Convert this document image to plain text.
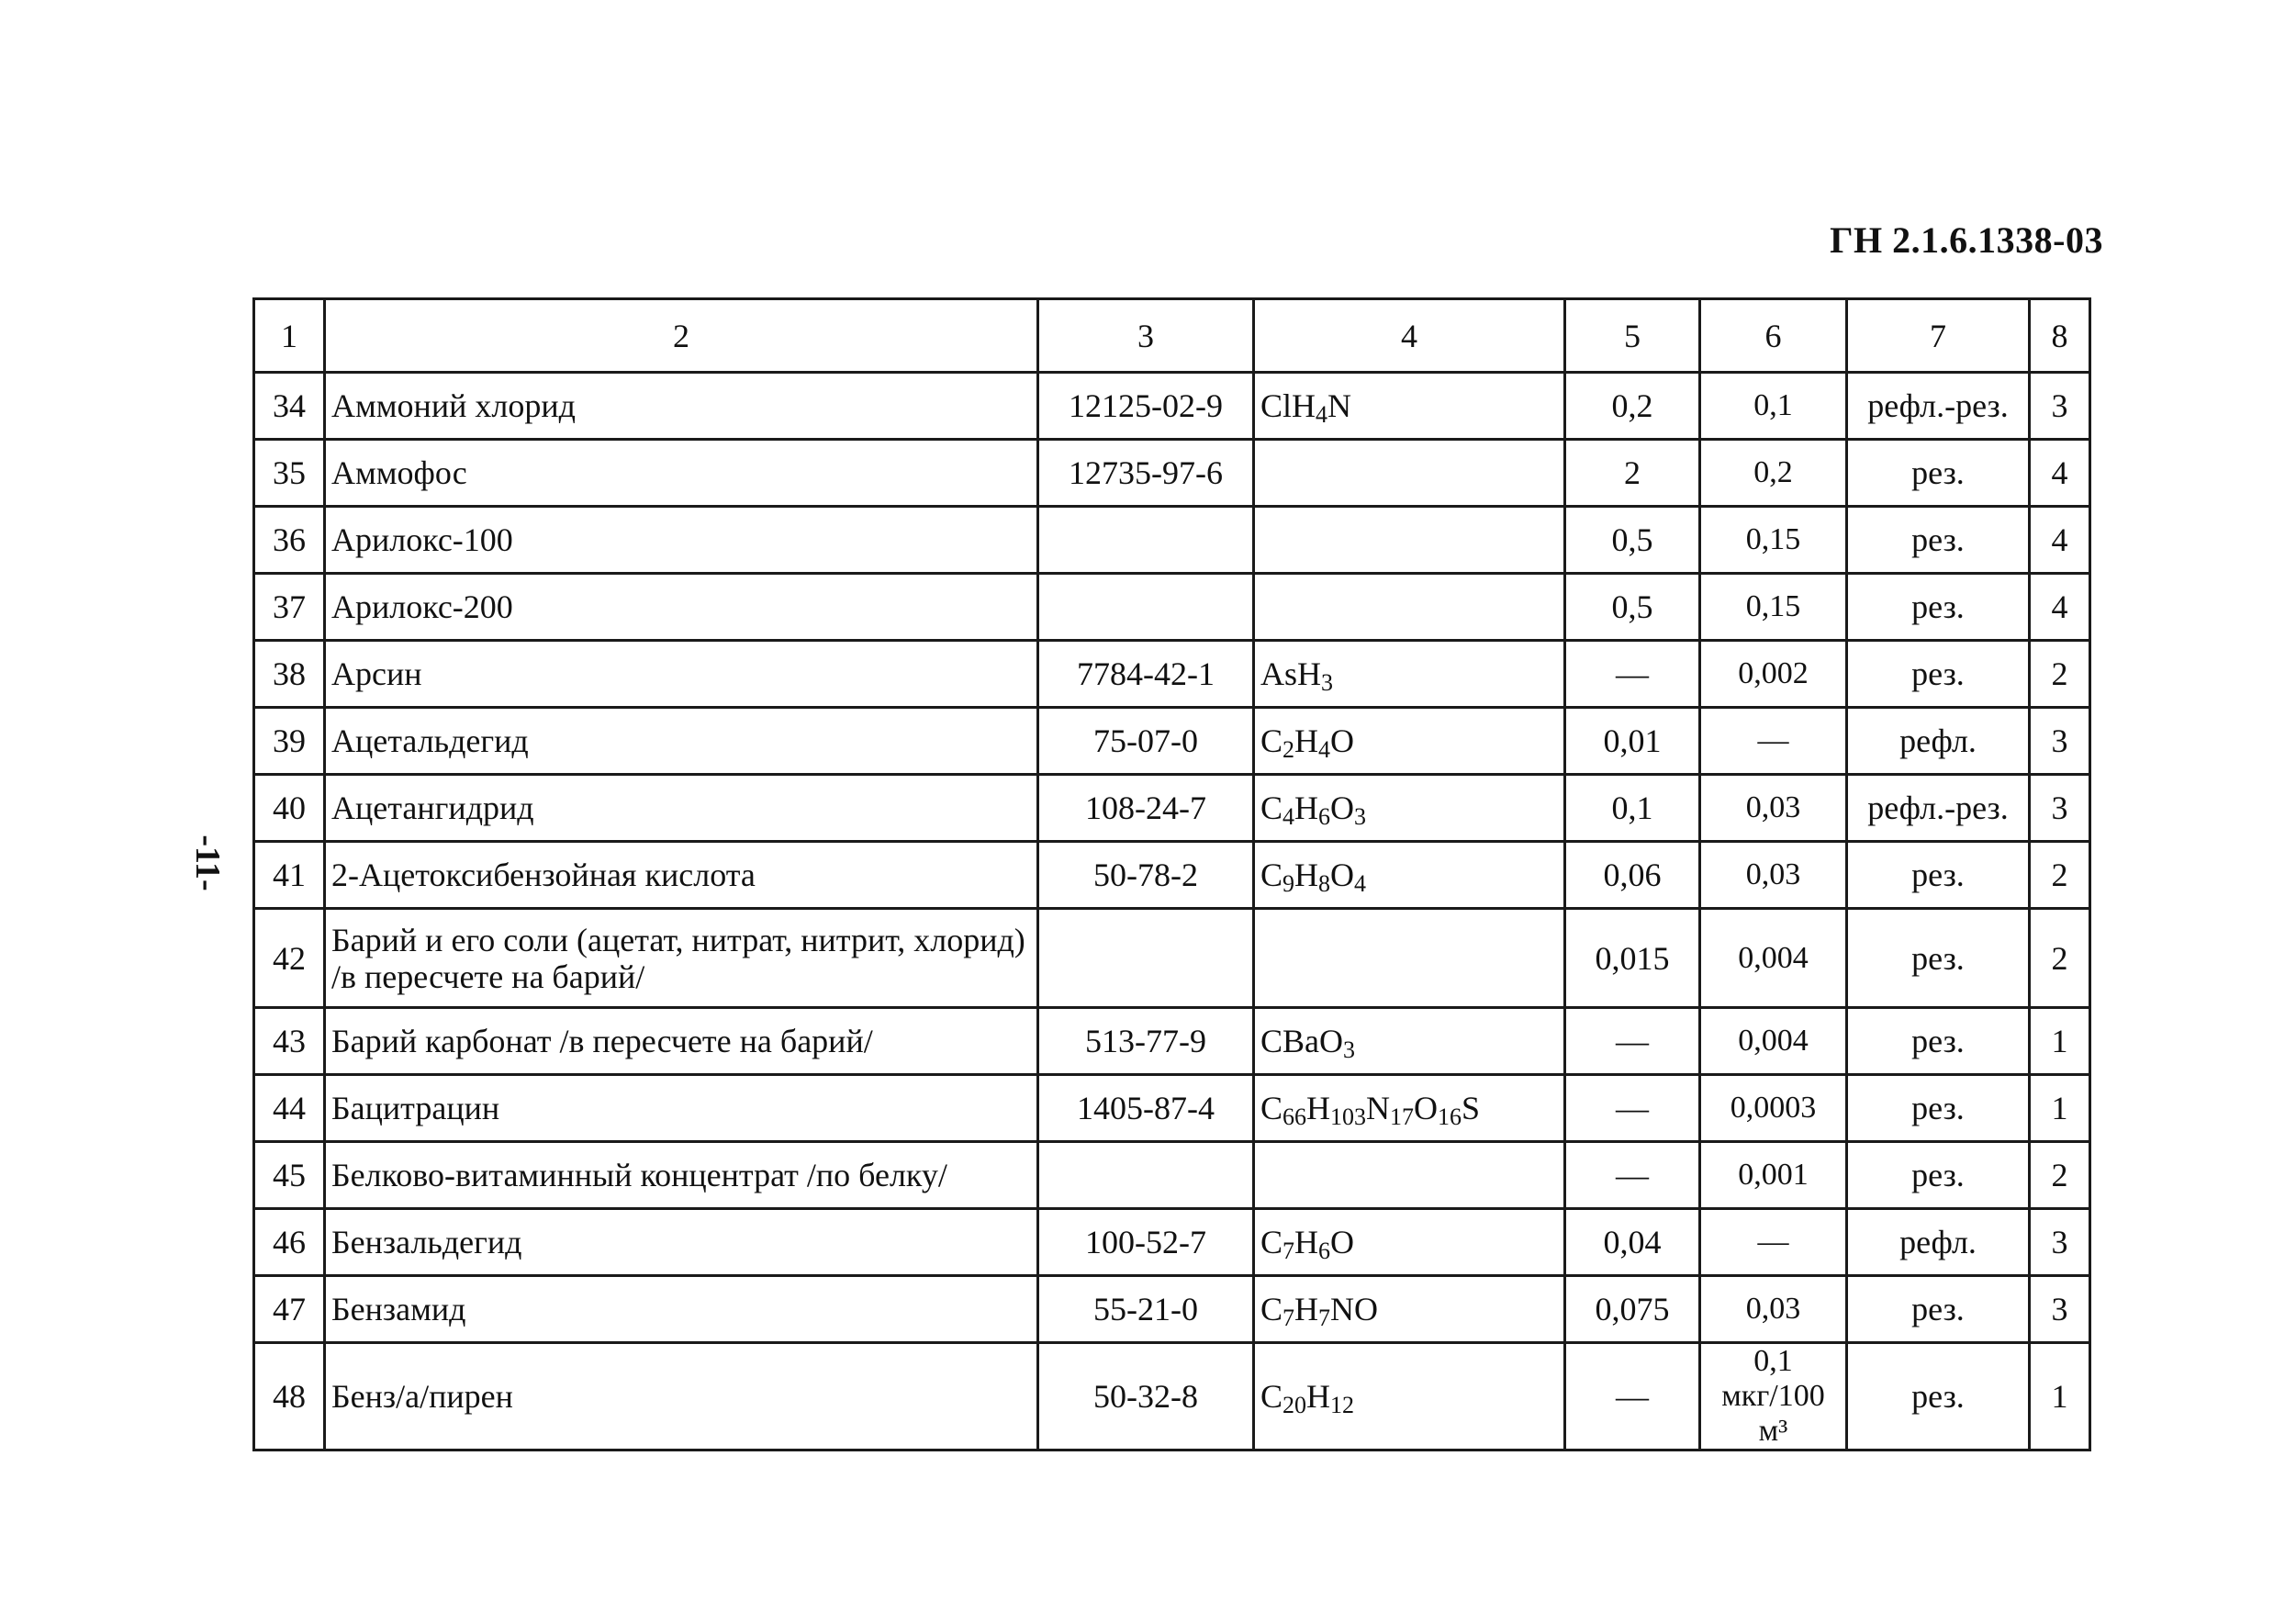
ГН 2.1.6.1338-03
-11-
1	2	3	4	5	6	7	8
34	Аммоний хлорид	12125-02-9	ClH$_4$N	0,2	0,1	рефл.-рез.	3
35	Аммофос	12735-97-6		2	0,2	рез.	4
36	Арилокс-100			0,5	0,15	рез.	4
37	Арилокс-200			0,5	0,15	рез.	4
38	Арсин	7784-42-1	AsH$_3$	—	0,002	рез.	2
39	Ацетальдегид	75-07-0	$C_2H_4O$	0,01	—	рефл.	3
40	Ацетангидрид	108-24-7	$C_4H_6O_3$	0,1	0,03	рефл.-рез.	3
41	2-Ацетоксибензойная кислота	50-78-2	$C_9H_8O_4$	0,06	0,03	рез.	2
42	Барий и его соли (ацетат, нитрат, нитрит, хлорид) /в пересчете на барий/			0,015	0,004	рез.	2
43	Барий карбонат /в пересчете на барий/	513-77-9	CBaO$_3$	—	0,004	рез.	1
44	Бацитрацин	1405-87-4	$C_{66}H_{103}N_{17}O_{16}S$	—	0,0003	рез.	1
45	Белково-витаминный концентрат /по белку/			—	0,001	рез.	2
46	Бензальдегид	100-52-7	$C_7H_6O$	0,04	—	рефл.	3
47	Бензамид	55-21-0	$C_7H_7NO$	0,075	0,03	рез.	3
48	Бенз/а/пирен	50-32-8	$C_{20}H_{12}$	—	0,1 мкг/100 м³	рез.	1
